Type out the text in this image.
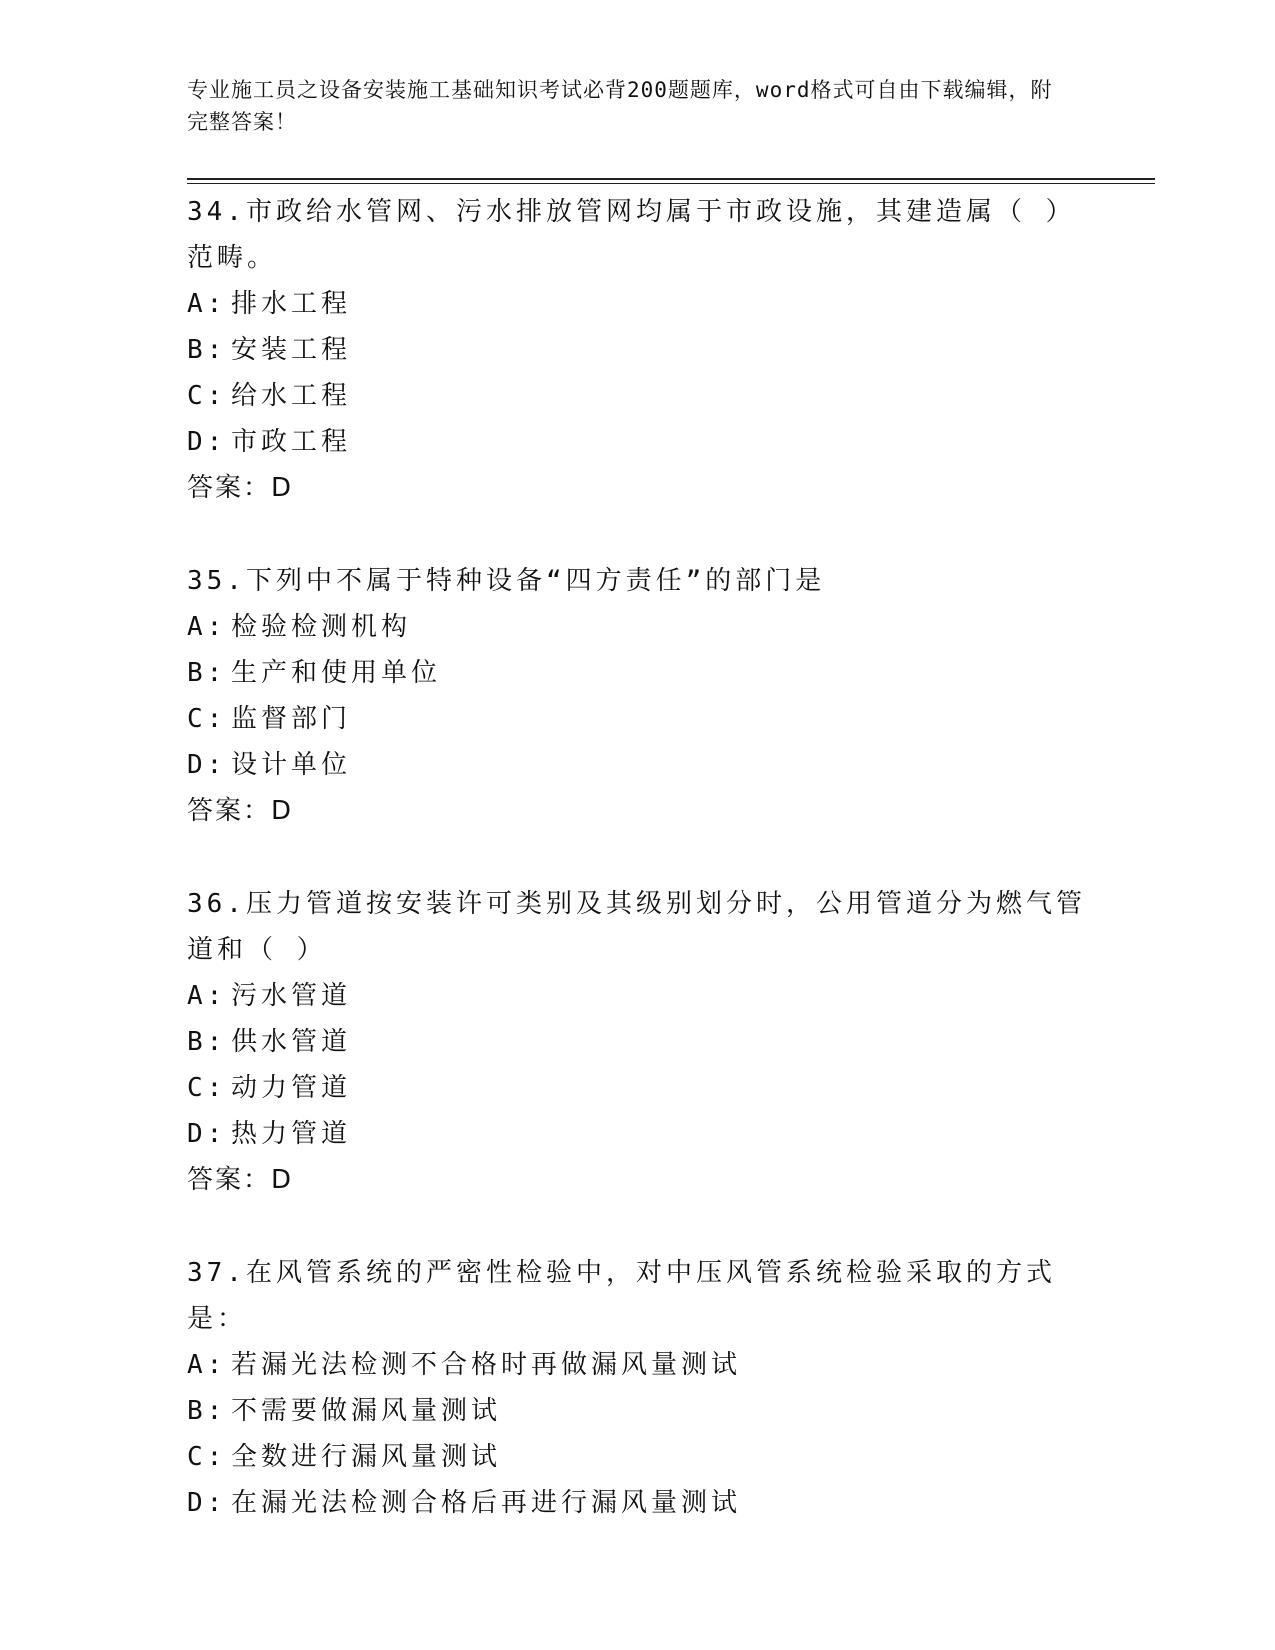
专业施工员之设备安装施工基础知识考试必背200题题库，word格式可自由下载编辑，附完整答案！
34.市政给水管网、污水排放管网均属于市政设施，其建造属（ ）范畴。
A: 排水工程
B: 安装工程
C: 给水工程
D: 市政工程
答案：D
35.下列中不属于特种设备“四方责任”的部门是
A: 检验检测机构
B: 生产和使用单位
C: 监督部门
D: 设计单位
答案：D
36.压力管道按安装许可类别及其级别划分时，公用管道分为燃气管道和（ ）
A: 污水管道
B: 供水管道
C: 动力管道
D: 热力管道
答案：D
37.在风管系统的严密性检验中，对中压风管系统检验采取的方式是：
A: 若漏光法检测不合格时再做漏风量测试
B: 不需要做漏风量测试
C: 全数进行漏风量测试
D: 在漏光法检测合格后再进行漏风量测试
